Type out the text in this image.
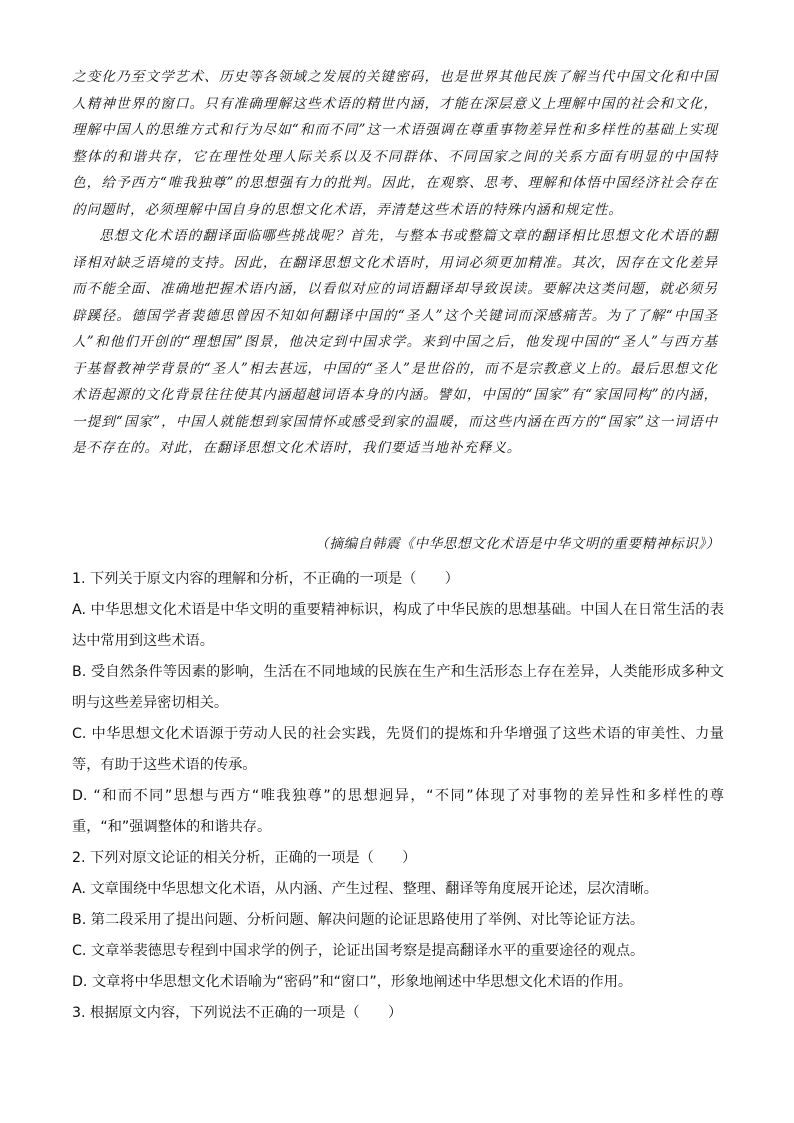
之变化乃至文学艺术、历史等各领域之发展的关键密码，也是世界其他民族了解当代中国文化和中国人精神世界的窗口。只有准确理解这些术语的精世内涵，才能在深层意义上理解中国的社会和文化，理解中国人的思维方式和行为尽如“和而不同”这一术语强调在尊重事物差异性和多样性的基础上实现整体的和谐共存，它在理性处理人际关系以及不同群体、不同国家之间的关系方面有明显的中国特色，给予西方“唯我独尊”的思想强有力的批判。因此，在观察、思考、理解和体悟中国经济社会存在的问题时，必须理解中国自身的思想文化术语，弄清楚这些术语的特殊内涵和规定性。

思想文化术语的翻译面临哪些挑战呢？首先，与整本书或整篇文章的翻译相比思想文化术语的翻译相对缺乏语境的支持。因此，在翻译思想文化术语时，用词必须更加精准。其次，因存在文化差异而不能全面、准确地把握术语内涵，以看似对应的词语翻译却导致误读。要解决这类问题，就必须另辟蹊径。德国学者裴德思曾因不知如何翻译中国的“圣人”这个关键词而深感痛苦。为了了解“中国圣人”和他们开创的“理想国”图景，他决定到中国求学。来到中国之后，他发现中国的“圣人”与西方基于基督教神学背景的“圣人”相去甚远，中国的“圣人”是世俗的，而不是宗教意义上的。最后思想文化术语起源的文化背景往往使其内涵超越词语本身的内涵。譬如，中国的“国家”有“家国同构”的内涵，一提到“国家”，中国人就能想到家国情怀或感受到家的温暖，而这些内涵在西方的“国家”这一词语中是不存在的。对此，在翻译思想文化术语时，我们要适当地补充释义。

（摘编自韩震《中华思想文化术语是中华文明的重要精神标识》）

1. 下列关于原文内容的理解和分析，不正确的一项是（　　）

A. 中华思想文化术语是中华文明的重要精神标识，构成了中华民族的思想基础。中国人在日常生活的表达中常用到这些术语。

B. 受自然条件等因素的影响，生活在不同地域的民族在生产和生活形态上存在差异，人类能形成多种文明与这些差异密切相关。

C. 中华思想文化术语源于劳动人民的社会实践，先贤们的提炼和升华增强了这些术语的审美性、力量等，有助于这些术语的传承。

D. “和而不同”思想与西方“唯我独尊”的思想迥异，“不同”体现了对事物的差异性和多样性的尊重，“和”强调整体的和谐共存。

2. 下列对原文论证的相关分析，正确的一项是（　　）

A. 文章围绕中华思想文化术语，从内涵、产生过程、整理、翻译等角度展开论述，层次清晰。

B. 第二段采用了提出问题、分析问题、解决问题的论证思路使用了举例、对比等论证方法。

C. 文章举裴德思专程到中国求学的例子，论证出国考察是提高翻译水平的重要途径的观点。

D. 文章将中华思想文化术语喻为“密码”和“窗口”，形象地阐述中华思想文化术语的作用。

3. 根据原文内容，下列说法不正确的一项是（　　）
